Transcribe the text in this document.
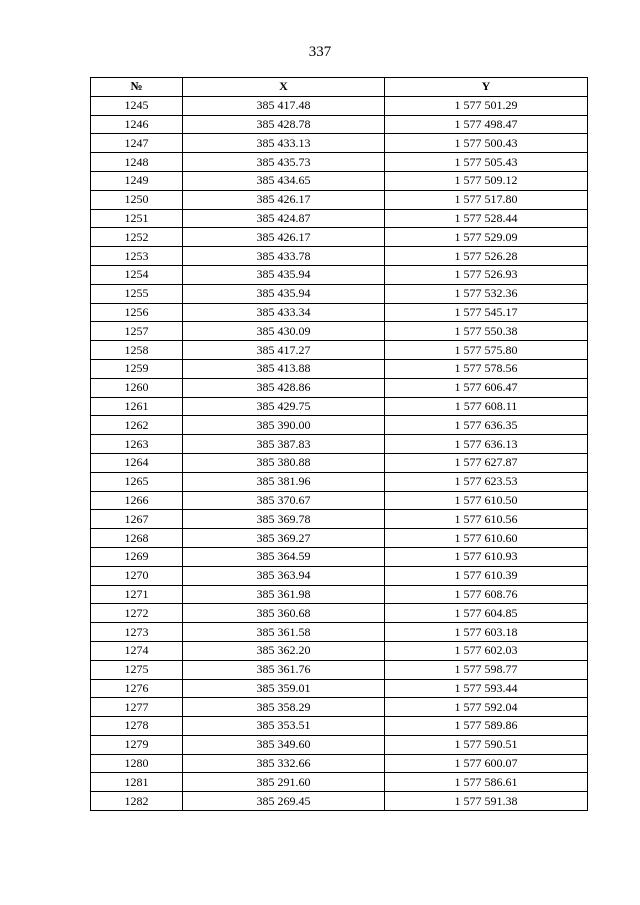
337
№	X	Y
1245	385 417.48	1 577 501.29
1246	385 428.78	1 577 498.47
1247	385 433.13	1 577 500.43
1248	385 435.73	1 577 505.43
1249	385 434.65	1 577 509.12
1250	385 426.17	1 577 517.80
1251	385 424.87	1 577 528.44
1252	385 426.17	1 577 529.09
1253	385 433.78	1 577 526.28
1254	385 435.94	1 577 526.93
1255	385 435.94	1 577 532.36
1256	385 433.34	1 577 545.17
1257	385 430.09	1 577 550.38
1258	385 417.27	1 577 575.80
1259	385 413.88	1 577 578.56
1260	385 428.86	1 577 606.47
1261	385 429.75	1 577 608.11
1262	385 390.00	1 577 636.35
1263	385 387.83	1 577 636.13
1264	385 380.88	1 577 627.87
1265	385 381.96	1 577 623.53
1266	385 370.67	1 577 610.50
1267	385 369.78	1 577 610.56
1268	385 369.27	1 577 610.60
1269	385 364.59	1 577 610.93
1270	385 363.94	1 577 610.39
1271	385 361.98	1 577 608.76
1272	385 360.68	1 577 604.85
1273	385 361.58	1 577 603.18
1274	385 362.20	1 577 602.03
1275	385 361.76	1 577 598.77
1276	385 359.01	1 577 593.44
1277	385 358.29	1 577 592.04
1278	385 353.51	1 577 589.86
1279	385 349.60	1 577 590.51
1280	385 332.66	1 577 600.07
1281	385 291.60	1 577 586.61
1282	385 269.45	1 577 591.38
